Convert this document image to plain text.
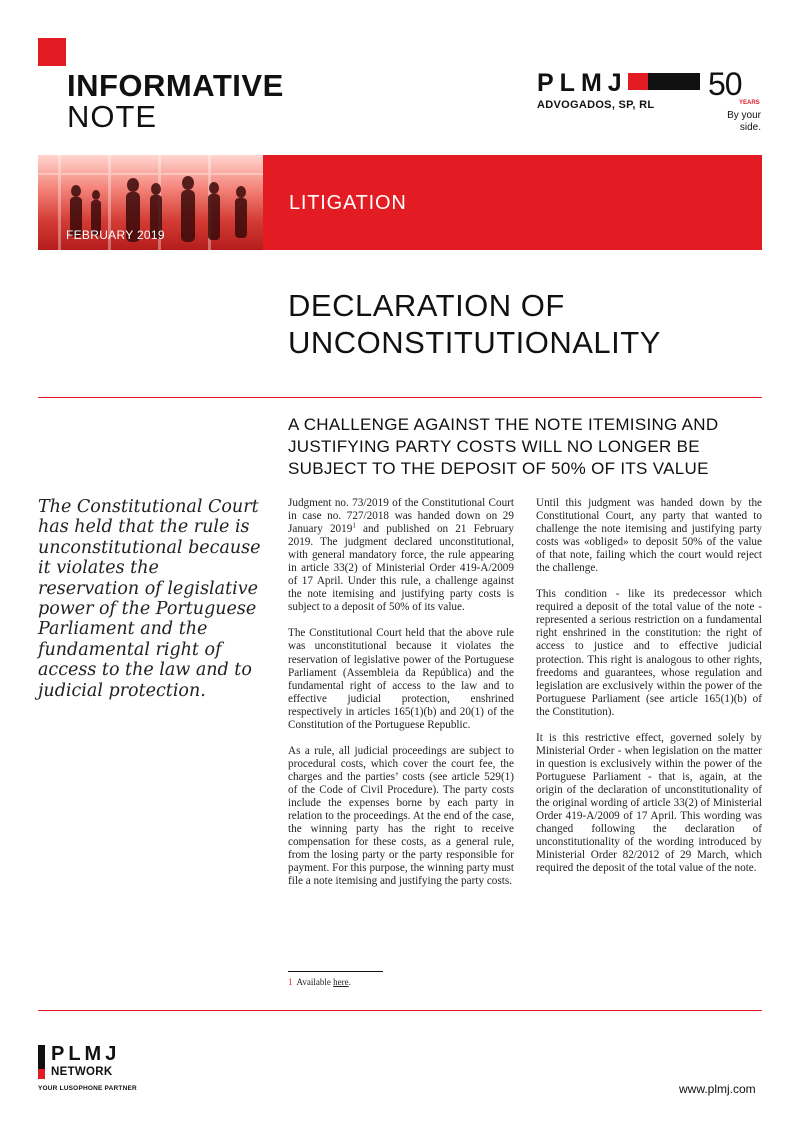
INFORMATIVE
NOTE
PLMJ
ADVOGADOS, SP, RL
50
YEARS
By your side.
FEBRUARY 2019
LITIGATION
DECLARATION OF UNCONSTITUTIONALITY
A CHALLENGE AGAINST THE NOTE ITEMISING AND JUSTIFYING PARTY COSTS WILL NO LONGER BE SUBJECT TO THE DEPOSIT OF 50% OF ITS VALUE
The Constitutional Court has held that the rule is unconstitutional because it violates the reservation of legislative power of the Portuguese Parliament and the fundamental right of access to the law and to judicial protection.

Judgment no. 73/2019 of the Constitutional Court in case no. 727/2018 was handed down on 29 January 2019$^1$ and published on 21 February 2019. The judgment declared unconstitutional, with general mandatory force, the rule appearing in article 33(2) of Ministerial Order 419-A/2009 of 17 April. Under this rule, a challenge against the note itemising and justifying party costs is subject to a deposit of 50% of its value.

The Constitutional Court held that the above rule was unconstitutional because it violates the reservation of legislative power of the Portuguese Parliament (Assembleia da República) and the fundamental right of access to the law and to effective judicial protection, enshrined respectively in articles 165(1)(b) and 20(1) of the Constitution of the Portuguese Republic.

As a rule, all judicial proceedings are subject to procedural costs, which cover the court fee, the charges and the parties’ costs (see article 529(1) of the Code of Civil Procedure). The party costs include the expenses borne by each party in relation to the proceedings. At the end of the case, the winning party has the right to receive compensation for these costs, as a general rule, from the losing party or the party responsible for payment. For this purpose, the winning party must file a note itemising and justifying the party costs.

Until this judgment was handed down by the Constitutional Court, any party that wanted to challenge the note itemising and justifying party costs was «obliged» to deposit 50% of the value of that note, failing which the court would reject the challenge.

This condition - like its predecessor which required a deposit of the total value of the note - represented a serious restriction on a fundamental right enshrined in the constitution: the right of access to justice and to effective judicial protection. This right is analogous to other rights, freedoms and guarantees, whose regulation and legislation are exclusively within the power of the Portuguese Parliament (see article 165(1)(b) of the Constitution).

It is this restrictive effect, governed solely by Ministerial Order - when legislation on the matter in question is exclusively within the power of the Portuguese Parliament - that is, again, at the origin of the declaration of unconstitutionality of the original wording of article 33(2) of Ministerial Order 419-A/2009 of 17 April. This wording was changed following the declaration of unconstitutionality of the wording introduced by Ministerial Order 82/2012 of 29 March, which required the deposit of the total value of the note.

1 Available here.
PLMJ
NETWORK
YOUR LUSOPHONE PARTNER	www.plmj.com
